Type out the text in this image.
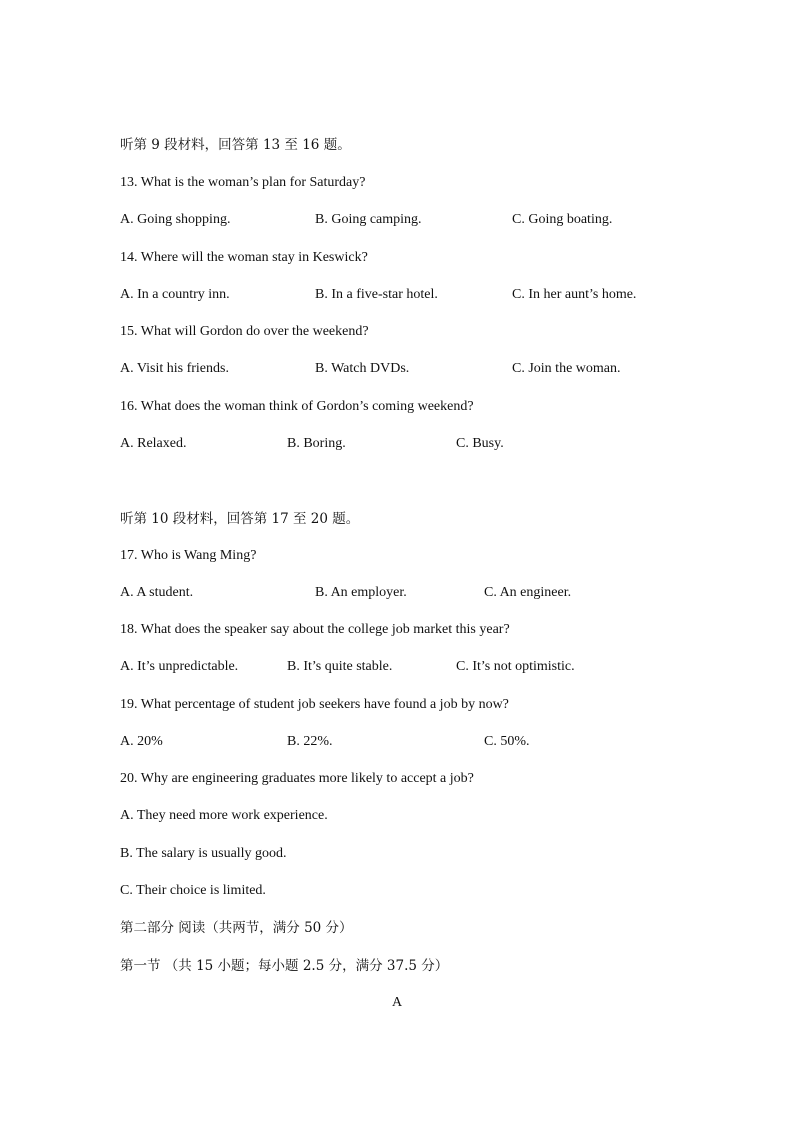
听第 9 段材料，回答第 13 至 16 题。
13. What is the woman’s plan for Saturday?
A. Going shopping.	B. Going camping.	C. Going boating.
14. Where will the woman stay in Keswick?
A. In a country inn.	B. In a five-star hotel.	C. In her aunt’s home.
15. What will Gordon do over the weekend?
A. Visit his friends.	B. Watch DVDs.	C. Join the woman.
16. What does the woman think of Gordon’s coming weekend?
A. Relaxed.	B. Boring.	C. Busy.
听第 10 段材料，回答第 17 至 20 题。
17. Who is Wang Ming?
A. A student.	B. An employer.	C. An engineer.
18. What does the speaker say about the college job market this year?
A. It’s unpredictable.	B. It’s quite stable.	C. It’s not optimistic.
19. What percentage of student job seekers have found a job by now?
A. 20%	B. 22%.	C. 50%.
20. Why are engineering graduates more likely to accept a job?
A. They need more work experience.
B. The salary is usually good.
C. Their choice is limited.
第二部分 阅读（共两节，满分 50 分）
第一节 （共 15 小题；每小题 2.5 分，满分 37.5 分）
A
